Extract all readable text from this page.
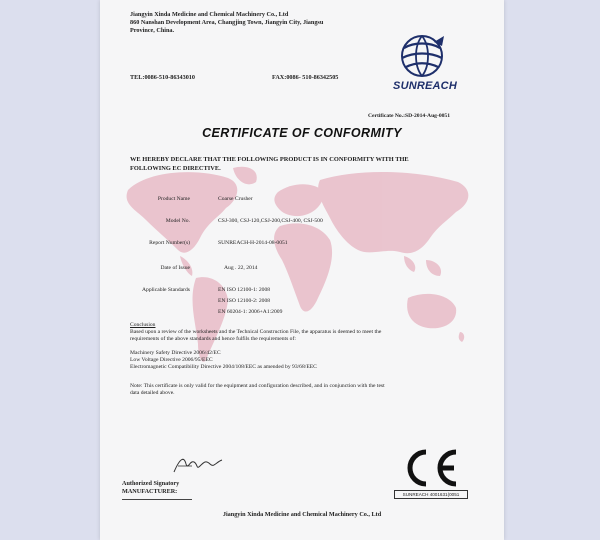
Jiangyin Xinda Medicine and Chemical Machinery Co., Ltd
860 Nanshan Development Area, Changjing Town, Jiangyin City, Jiangsu
Province, China.
TEL:0086-510-86343010	FAX:0086- 510-86342505
SUNREACH
Certificate No.:SD-2014-Aug-0051
CERTIFICATE OF CONFORMITY
WE HEREBY DECLARE THAT THE FOLLOWING PRODUCT IS IN CONFORMITY WITH THE
FOLLOWING EC DIRECTIVE.
Product Name	Coarse Crusher
Model No.	CSJ-300, CSJ-120,CSJ-200,CSJ-400, CSJ-500
Report Number(s)	SUNREACH-H-2014-08-0051
Date of Issue	Aug . 22, 2014
Applicable Standards	EN ISO 12100-1: 2008
EN ISO 12100-2: 2008
EN 60204-1: 2006+A1:2009
Conclusion
Based upon a review of the worksheets and the Technical Construction File, the apparatus is deemed to meet the
requirements of the above standards and hence fulfils the requirements of:
Machinery Safety Directive 2006/42/EC
Low Voltage Directive 2006/95/EEC
Electromagnetic Compatibility Directive 2004/108/EEC as amended by 93/68/EEC
Note: This certificate is only valid for the equipment and configuration described, and in conjunction with the test
data detailed above.
Authorized Signatory
MANUFACTURER:	SUNREACH 4001631(0051
Jiangyin Xinda Medicine and Chemical Machinery Co., Ltd
